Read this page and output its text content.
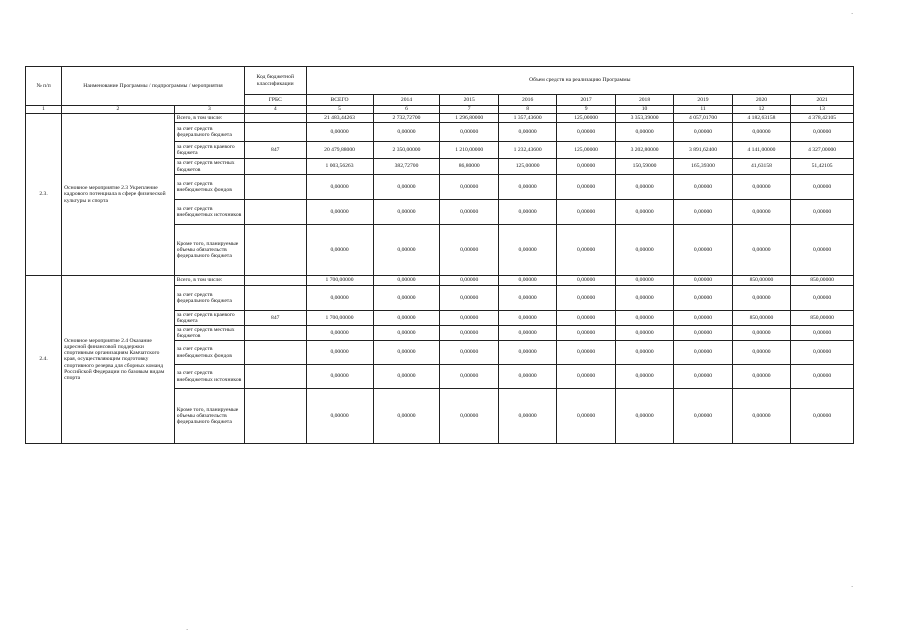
№ п/п	Наименование Программы / подпрограммы / мероприятия		Код бюджетной классификации	Объем средств на реализацию Программы								
			ГРБС	ВСЕГО	2014	2015	2016	2017	2018	2019	2020	2021
1	2	3	4	5	6	7	8	9	10	11	12	13
2.3.	Основное мероприятие 2.3 Укрепление кадрового потенциала в сфере физической культуры и спорта	Всего, в том числе:		21 483,44263	2 732,72700	1 296,80000	1 357,43600	125,00000	3 353,39000	4 057,01700	4 182,63158	4 378,42105
		за счет средств федерального бюджета		0,00000	0,00000	0,00000	0,00000	0,00000	0,00000	0,00000	0,00000	0,00000
		за счет средств краевого бюджета	847	20 479,88000	2 350,00000	1 210,00000	1 232,43600	125,00000	3 202,80000	3 891,62400	4 141,00000	4 327,00000
		за счет средств местных бюджетов		1 003,56263	382,72700	86,80000	125,00000	0,00000	150,59000	165,39300	41,63158	51,42105
		за счет средств внебюджетных фондов		0,00000	0,00000	0,00000	0,00000	0,00000	0,00000	0,00000	0,00000	0,00000
		за счет средств внебюджетных источников		0,00000	0,00000	0,00000	0,00000	0,00000	0,00000	0,00000	0,00000	0,00000
		Кроме того, планируемые объемы обязательств федерального бюджета		0,00000	0,00000	0,00000	0,00000	0,00000	0,00000	0,00000	0,00000	0,00000
2.4.	Основное мероприятие 2.4 Оказание адресной финансовой поддержки спортивным организациям Камчатского края, осуществляющим подготовку спортивного резерва для сборных команд Российской Федерации по базовым видам спорта	Всего, в том числе:		1 700,00000	0,00000	0,00000	0,00000	0,00000	0,00000	0,00000	850,00000	850,00000
		за счет средств федерального бюджета		0,00000	0,00000	0,00000	0,00000	0,00000	0,00000	0,00000	0,00000	0,00000
		за счет средств краевого бюджета	847	1 700,00000	0,00000	0,00000	0,00000	0,00000	0,00000	0,00000	850,00000	850,00000
		за счет средств местных бюджетов		0,00000	0,00000	0,00000	0,00000	0,00000	0,00000	0,00000	0,00000	0,00000
		за счет средств внебюджетных фондов		0,00000	0,00000	0,00000	0,00000	0,00000	0,00000	0,00000	0,00000	0,00000
		за счет средств внебюджетных источников		0,00000	0,00000	0,00000	0,00000	0,00000	0,00000	0,00000	0,00000	0,00000
		Кроме того, планируемые объемы обязательств федерального бюджета		0,00000	0,00000	0,00000	0,00000	0,00000	0,00000	0,00000	0,00000	0,00000
·
·
·
